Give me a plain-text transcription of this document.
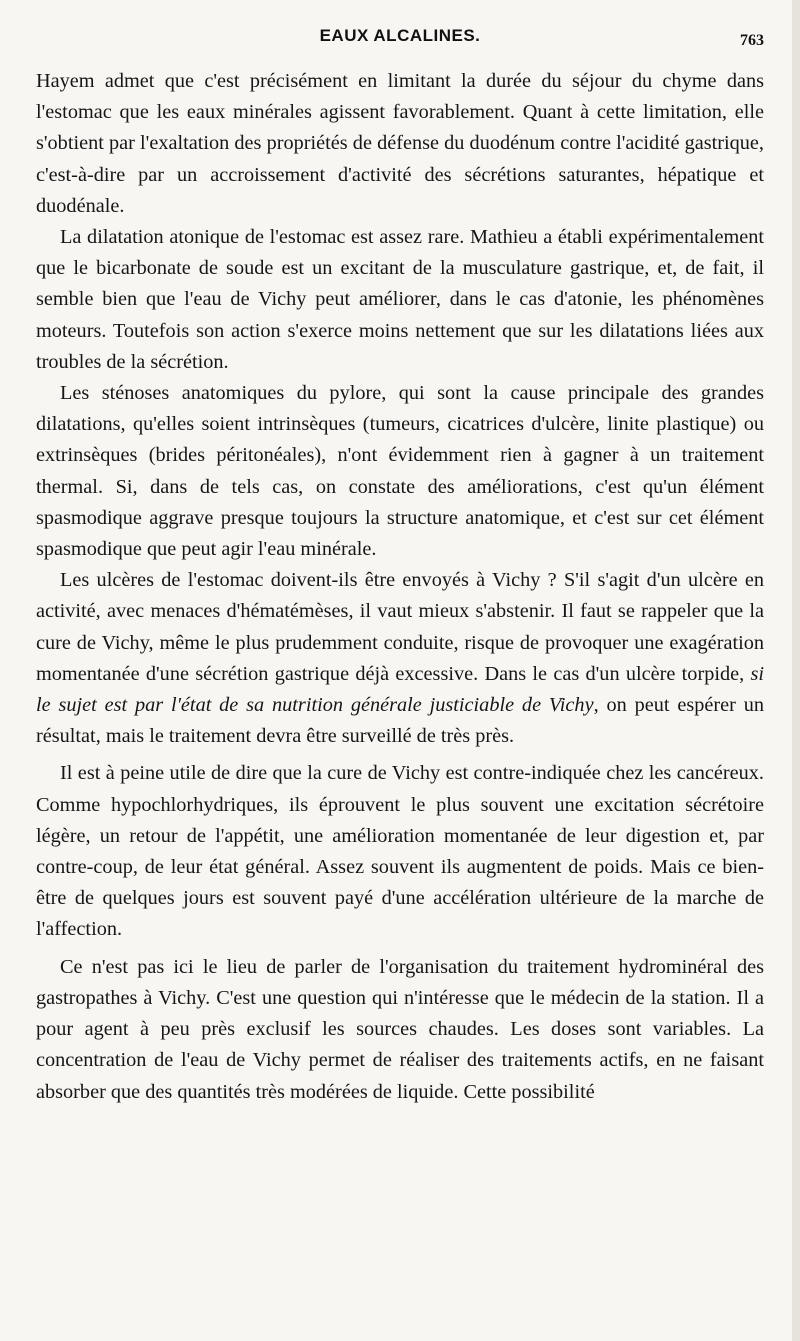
EAUX ALCALINES.	763

Hayem admet que c'est précisément en limitant la durée du séjour du chyme dans l'estomac que les eaux minérales agissent favorablement. Quant à cette limitation, elle s'obtient par l'exaltation des propriétés de défense du duodénum contre l'acidité gastrique, c'est-à-dire par un accroissement d'activité des sécrétions saturantes, hépatique et duodénale.

La dilatation atonique de l'estomac est assez rare. Mathieu a établi expérimentalement que le bicarbonate de soude est un excitant de la musculature gastrique, et, de fait, il semble bien que l'eau de Vichy peut améliorer, dans le cas d'atonie, les phénomènes moteurs. Toutefois son action s'exerce moins nettement que sur les dilatations liées aux troubles de la sécrétion.

Les sténoses anatomiques du pylore, qui sont la cause principale des grandes dilatations, qu'elles soient intrinsèques (tumeurs, cicatrices d'ulcère, linite plastique) ou extrinsèques (brides péritonéales), n'ont évidemment rien à gagner à un traitement thermal. Si, dans de tels cas, on constate des améliorations, c'est qu'un élément spasmodique aggrave presque toujours la structure anatomique, et c'est sur cet élément spasmodique que peut agir l'eau minérale.

Les ulcères de l'estomac doivent-ils être envoyés à Vichy ? S'il s'agit d'un ulcère en activité, avec menaces d'hématémèses, il vaut mieux s'abstenir. Il faut se rappeler que la cure de Vichy, même le plus prudemment conduite, risque de provoquer une exagération momentanée d'une sécrétion gastrique déjà excessive. Dans le cas d'un ulcère torpide, si le sujet est par l'état de sa nutrition générale justiciable de Vichy, on peut espérer un résultat, mais le traitement devra être surveillé de très près.

Il est à peine utile de dire que la cure de Vichy est contre-indiquée chez les cancéreux. Comme hypochlorhydriques, ils éprouvent le plus souvent une excitation sécrétoire légère, un retour de l'appétit, une amélioration momentanée de leur digestion et, par contre-coup, de leur état général. Assez souvent ils augmentent de poids. Mais ce bien-être de quelques jours est souvent payé d'une accélération ultérieure de la marche de l'affection.

Ce n'est pas ici le lieu de parler de l'organisation du traitement hydrominéral des gastropathes à Vichy. C'est une question qui n'intéresse que le médecin de la station. Il a pour agent à peu près exclusif les sources chaudes. Les doses sont variables. La concentration de l'eau de Vichy permet de réaliser des traitements actifs, en ne faisant absorber que des quantités très modérées de liquide. Cette possibilité
